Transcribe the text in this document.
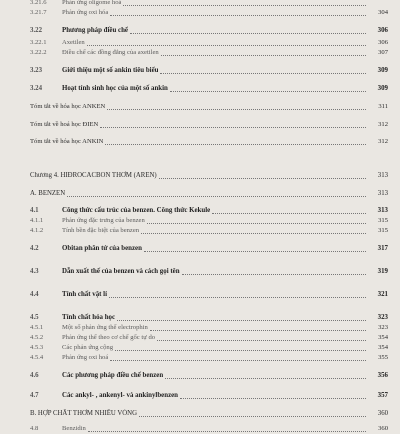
3.21.6	Phản ứng oligome hoá
3.21.7	Phản ứng oxi hóa	304
3.22	Phương pháp điều chế	306
3.22.1	Axetilen	306
3.22.2	Điều chế các đồng đẳng của axetilen	307
3.23	Giới thiệu một số ankin tiêu biểu	309
3.24	Hoạt tính sinh học của một số ankin	309
Tóm tắt về hóa học ANKEN	311
Tóm tắt về hoá học ĐIEN	312
Tóm tắt về hóa học ANKIN	312
Chương 4. HIĐROCACBON THƠM (AREN)	313
A. BENZEN	313
4.1	Công thức cấu trúc của benzen. Công thức Kekule	313
4.1.1	Phản ứng đặc trưng của benzen	315
4.1.2	Tính bền đặc biệt của benzen	315
4.2	Obitan phân tử của benzen	317
4.3	Dẫn xuất thế của benzen và cách gọi tên	319
4.4	Tính chất vật lí	321
4.5	Tính chất hóa học	323
4.5.1	Một số phản ứng thế electrophin	323
4.5.2	Phản ứng thế theo cơ chế gốc tự do	354
4.5.3	Các phản ứng cộng	354
4.5.4	Phản ứng oxi hoá	355
4.6	Các phương pháp điều chế benzen	356
4.7	Các ankyl- , ankenyl- và ankinylbenzen	357
B. HỢP CHẤT THƠM NHIỀU VÒNG	360
4.8	Benzidin	360
